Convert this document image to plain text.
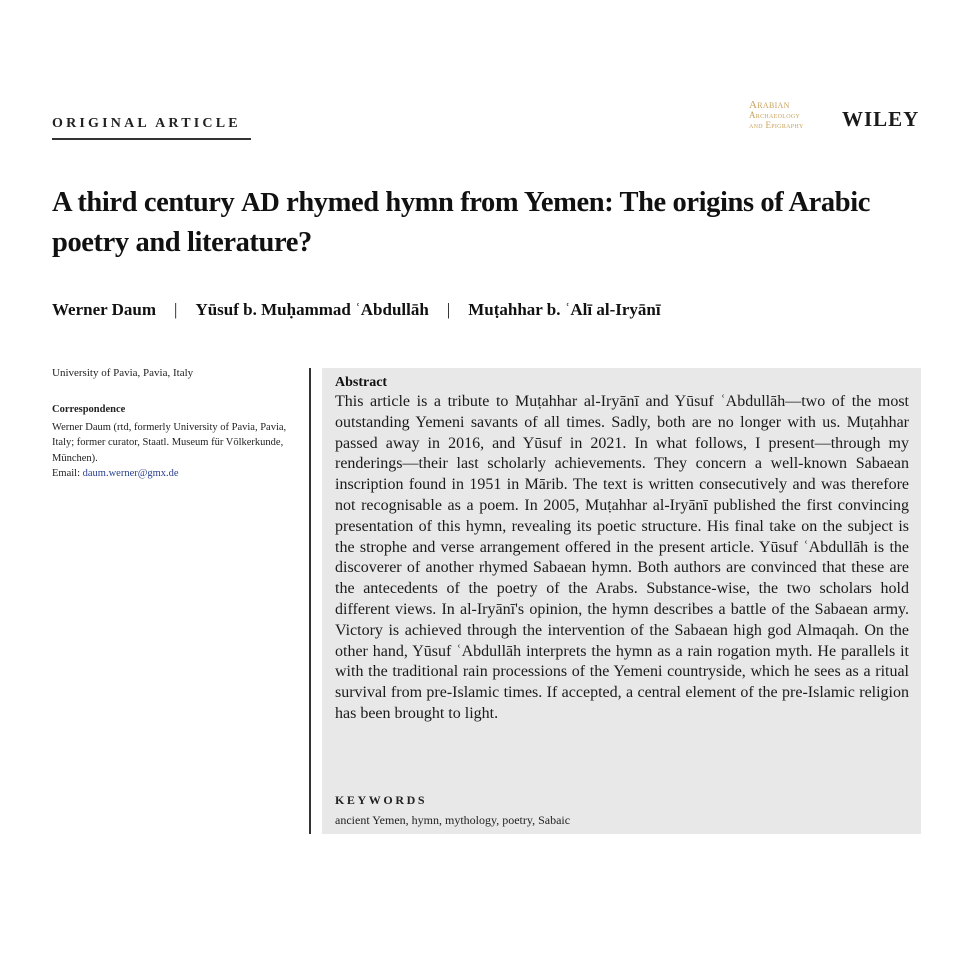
ORIGINAL ARTICLE
Arabian
Archaeology
and Epigraphy WILEY
A third century AD rhymed hymn from Yemen: The origins of Arabic poetry and literature?
Werner Daum | Yūsuf b. Muḥammad ʿAbdullāh | Muṭahhar b. ʿAlī al-Iryānī
University of Pavia, Pavia, Italy
Correspondence
Werner Daum (rtd, formerly University of Pavia, Pavia, Italy; former curator, Staatl. Museum für Völkerkunde, München).
Email: daum.werner@gmx.de
Abstract

This article is a tribute to Muṭahhar al-Iryānī and Yūsuf ʿAbdullāh—two of the most outstanding Yemeni savants of all times. Sadly, both are no longer with us. Muṭahhar passed away in 2016, and Yūsuf in 2021. In what follows, I present—through my renderings—their last scholarly achievements. They concern a well-known Sabaean inscription found in 1951 in Mārib. The text is written consecutively and was therefore not recognisable as a poem. In 2005, Muṭahhar al-Iryānī published the first convincing presentation of this hymn, revealing its poetic structure. His final take on the subject is the strophe and verse arrangement offered in the present article. Yūsuf ʿAbdullāh is the discoverer of another rhymed Sabaean hymn. Both authors are convinced that these are the antecedents of the poetry of the Arabs. Substance-wise, the two scholars hold different views. In al-Iryānī's opinion, the hymn describes a battle of the Sabaean army. Victory is achieved through the intervention of the Sabaean high god Almaqah. On the other hand, Yūsuf ʿAbdullāh interprets the hymn as a rain rogation myth. He parallels it with the traditional rain processions of the Yemeni countryside, which he sees as a ritual survival from pre-Islamic times. If accepted, a central element of the pre-Islamic religion has been brought to light.

KEYWORDS
ancient Yemen, hymn, mythology, poetry, Sabaic
